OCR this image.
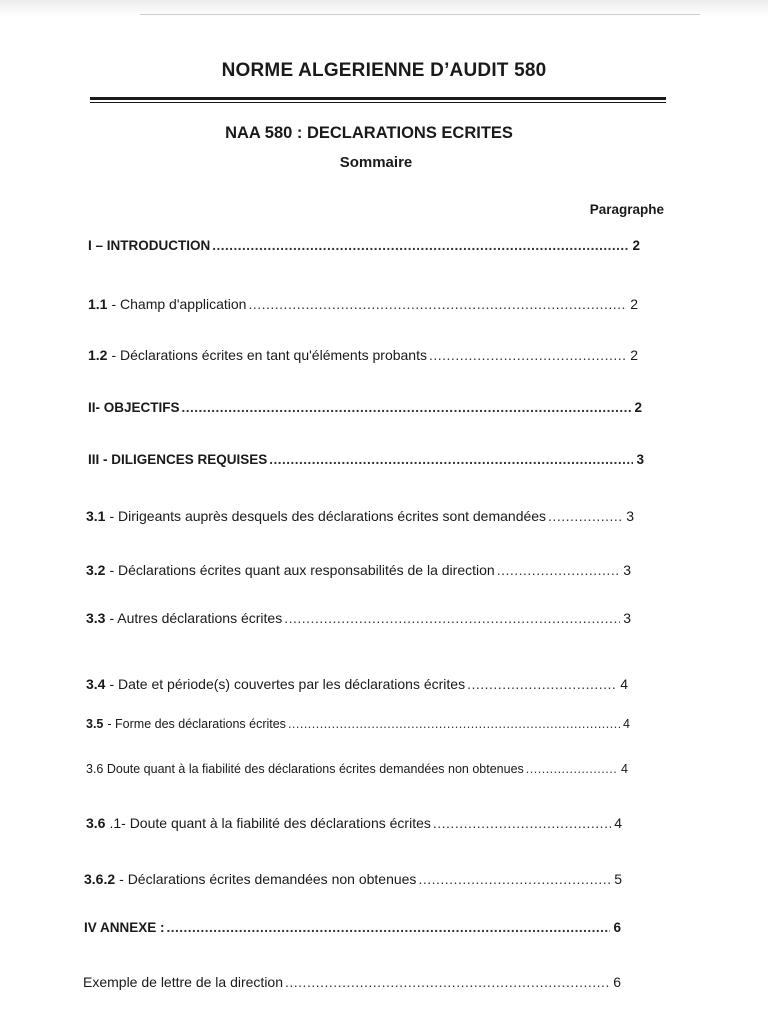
NORME ALGERIENNE D’AUDIT 580
NAA 580 : DECLARATIONS ECRITES
Sommaire
Paragraphe
I – INTRODUCTION .....	2
1.1 - Champ d'application .....	2
1.2 - Déclarations écrites en tant qu'éléments probants .....	2
II- OBJECTIFS .....	2
III - DILIGENCES REQUISES .....	3
3.1 - Dirigeants auprès desquels des déclarations écrites sont demandées .....	3
3.2 - Déclarations écrites quant aux responsabilités de la direction .....	3
3.3 - Autres déclarations écrites .....	3
3.4 - Date et période(s) couvertes par les déclarations écrites .....	4
3.5 - Forme des déclarations écrites .....	4
3.6 Doute quant à la fiabilité des déclarations écrites demandées non obtenues .....	4
3.6 .1- Doute quant à la fiabilité des déclarations écrites .....	4
3.6.2 - Déclarations écrites demandées non obtenues .....	5
IV ANNEXE : .....	6
Exemple de lettre de la direction .....	6
